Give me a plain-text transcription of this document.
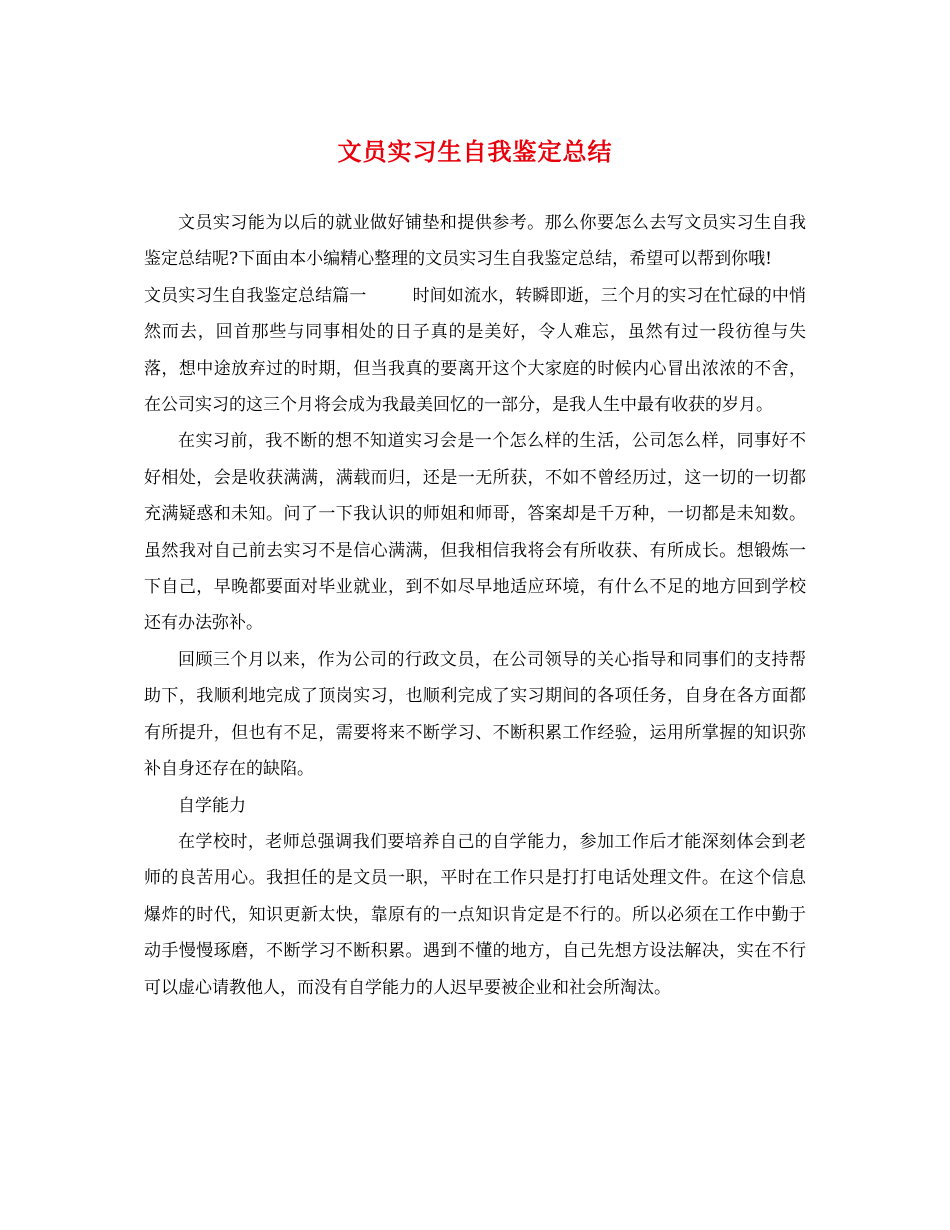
文员实习生自我鉴定总结

文员实习能为以后的就业做好铺垫和提供参考。那么你要怎么去写文员实习生自我鉴定总结呢?下面由本小编精心整理的文员实习生自我鉴定总结，希望可以帮到你哦!

文员实习生自我鉴定总结篇一	时间如流水，转瞬即逝，三个月的实习在忙碌的中悄然而去，回首那些与同事相处的日子真的是美好，令人难忘，虽然有过一段彷徨与失落，想中途放弃过的时期，但当我真的要离开这个大家庭的时候内心冒出浓浓的不舍，在公司实习的这三个月将会成为我最美回忆的一部分，是我人生中最有收获的岁月。

在实习前，我不断的想不知道实习会是一个怎么样的生活，公司怎么样，同事好不好相处，会是收获满满，满载而归，还是一无所获，不如不曾经历过，这一切的一切都充满疑惑和未知。问了一下我认识的师姐和师哥，答案却是千万种，一切都是未知数。虽然我对自己前去实习不是信心满满，但我相信我将会有所收获、有所成长。想锻炼一下自己，早晚都要面对毕业就业，到不如尽早地适应环境，有什么不足的地方回到学校还有办法弥补。

回顾三个月以来，作为公司的行政文员，在公司领导的关心指导和同事们的支持帮助下，我顺利地完成了顶岗实习，也顺利完成了实习期间的各项任务，自身在各方面都有所提升，但也有不足，需要将来不断学习、不断积累工作经验，运用所掌握的知识弥补自身还存在的缺陷。

自学能力

在学校时，老师总强调我们要培养自己的自学能力，参加工作后才能深刻体会到老师的良苦用心。我担任的是文员一职，平时在工作只是打打电话处理文件。在这个信息爆炸的时代，知识更新太快，靠原有的一点知识肯定是不行的。所以必须在工作中勤于动手慢慢琢磨，不断学习不断积累。遇到不懂的地方，自己先想方设法解决，实在不行可以虚心请教他人，而没有自学能力的人迟早要被企业和社会所淘汰。
